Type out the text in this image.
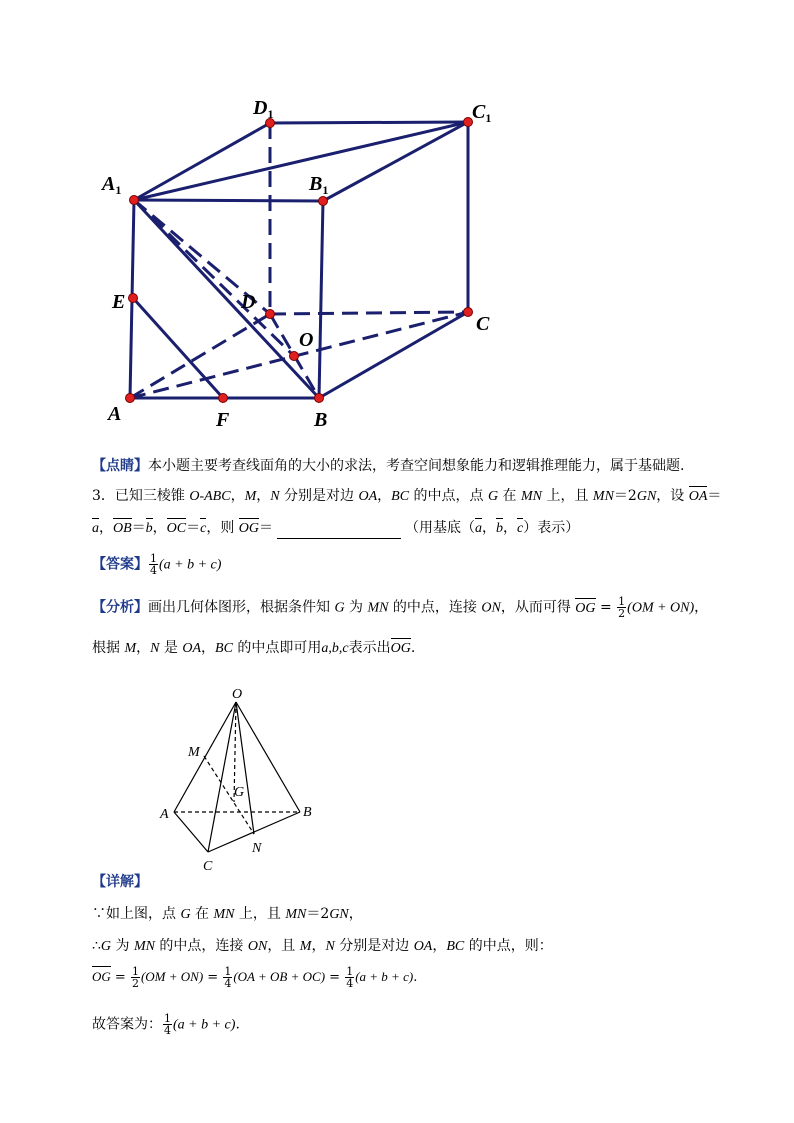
$D_1$	$C_1$
$A_1$	$B_1$
E	D
C
O
A	F	B
【点睛】本小题主要考查线面角的大小的求法，考查空间想象能力和逻辑推理能力，属于基础题.
3．已知三棱锥 O-ABC，M，N 分别是对边 OA，BC 的中点，点 G 在 MN 上，且 MN＝2GN，设 OA＝
a，OB＝b，OC＝c，则 OG＝	（用基底（a，b，c）表示）
【答案】 $\frac{1}{4} (a + b + c)$
【分析】画出几何体图形，根据条件知 G 为 MN 的中点，连接 ON，从而可得 OG = $\frac{1}{2} (OM + ON)$，
根据 M，N 是 OA，BC 的中点即可用a,b,c表示出OG.
O
M
G
A	B
N
C
【详解】
∵如上图，点 G 在 MN 上，且 MN＝2GN，
∴G 为 MN 的中点，连接 ON，且 M，N 分别是对边 OA，BC 的中点，则：
OG = $\frac{1}{2} (OM + ON) = \frac{1}{4} (OA$ + OB + $OC) = \frac{1}{4} (a + b + c)$.
故答案为： $\frac{1}{4} (a + b + c)$.
